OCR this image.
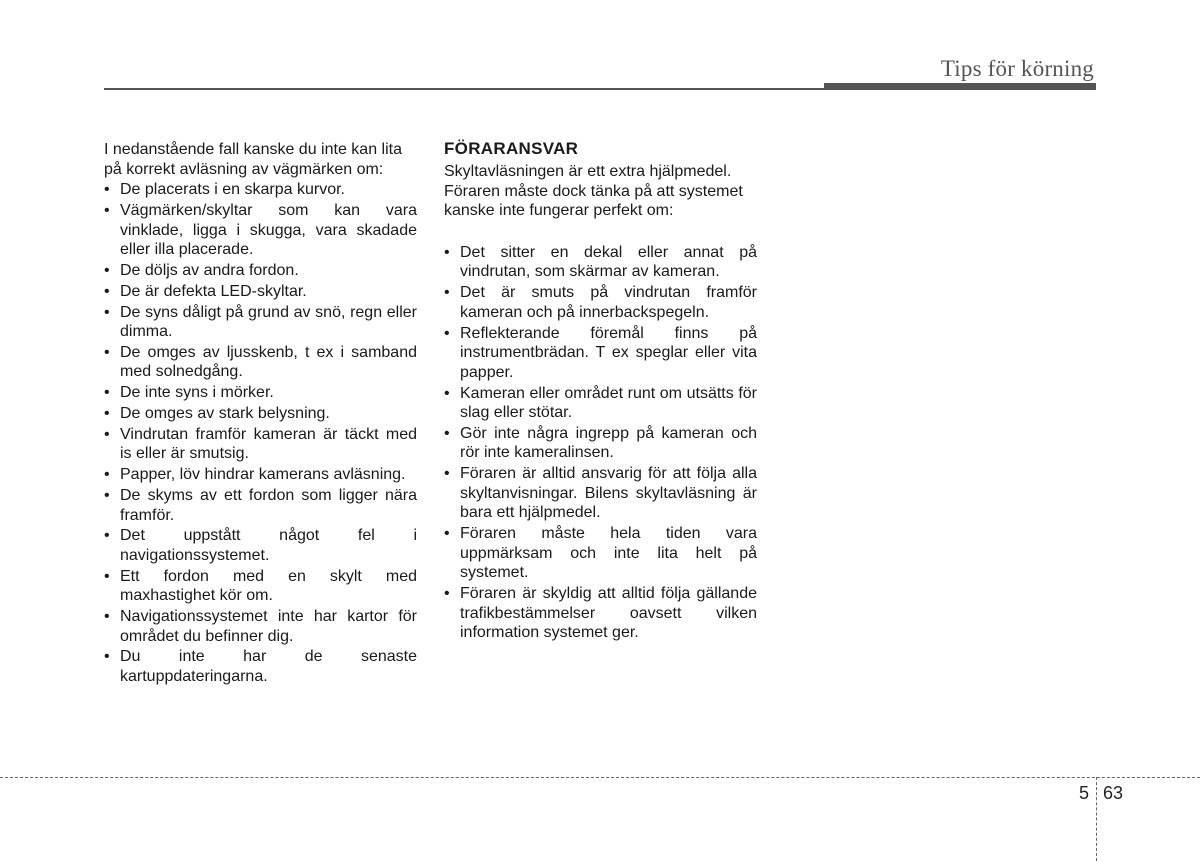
Tips för körning

I nedanstående fall kanske du inte kan lita på korrekt avläsning av vägmärken om:

• De placerats i en skarpa kurvor.
• Vägmärken/skyltar som kan vara vinklade, ligga i skugga, vara skadade eller illa placerade.
• De döljs av andra fordon.
• De är defekta LED-skyltar.
• De syns dåligt på grund av snö, regn eller dimma.
• De omges av ljusskenb, t ex i samband med solnedgång.
• De inte syns i mörker.
• De omges av stark belysning.
• Vindrutan framför kameran är täckt med is eller är smutsig.
• Papper, löv hindrar kamerans avläsning.
• De skyms av ett fordon som ligger nära framför.
• Det uppstått något fel i navigationssystemet.
• Ett fordon med en skylt med maxhastighet kör om.
• Navigationssystemet inte har kartor för området du befinner dig.
• Du inte har de senaste kartuppdateringarna.
FÖRARANSVAR

Skyltavläsningen är ett extra hjälpmedel. Föraren måste dock tänka på att systemet kanske inte fungerar perfekt om:

• Det sitter en dekal eller annat på vindrutan, som skärmar av kameran.
• Det är smuts på vindrutan framför kameran och på innerbackspegeln.
• Reflekterande föremål finns på instrumentbrädan. T ex speglar eller vita papper.
• Kameran eller området runt om utsätts för slag eller stötar.
• Gör inte några ingrepp på kameran och rör inte kameralinsen.
• Föraren är alltid ansvarig för att följa alla skyltanvisningar. Bilens skyltavläsning är bara ett hjälpmedel.
• Föraren måste hela tiden vara uppmärksam och inte lita helt på systemet.
• Föraren är skyldig att alltid följa gällande trafikbestämmelser oavsett vilken information systemet ger.
5 63
